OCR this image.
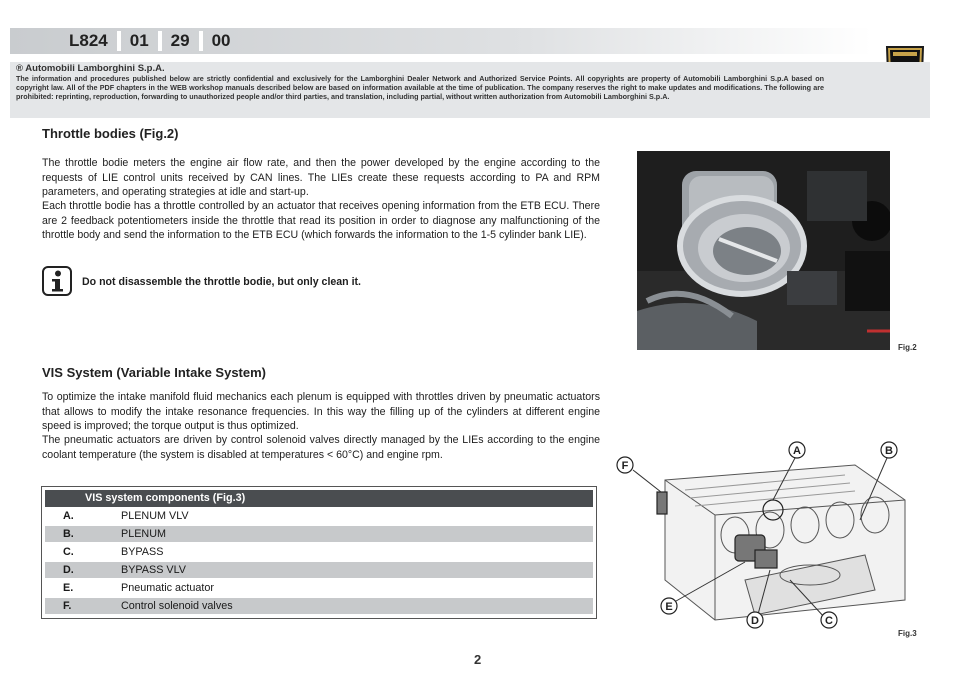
L824	01	29	00
® Automobili Lamborghini S.p.A.
The information and procedures published below are strictly confidential and exclusively for the Lamborghini Dealer Network and Authorized Service Points. All copyrights are property of Automobili Lamborghini S.p.A based on copyright law. All of the PDF chapters in the WEB workshop manuals described below are based on information available at the time of publication. The company reserves the right to make updates and modifications. The following are prohibited: reprinting, reproduction, forwarding to unauthorized people and/or third parties, and translation, including partial, without written authorization from Automobili Lamborghini S.p.A.
Throttle bodies (Fig.2)

The throttle bodie meters the engine air flow rate, and then the power developed by the engine according to the requests of LIE control units received by CAN lines. The LIEs create these requests according to PA and RPM parameters, and operating strategies at idle and start-up.

Each throttle bodie has a throttle controlled by an actuator that receives opening information from the ETB ECU. There are 2 feedback potentiometers inside the throttle that read its position in order to diagnose any malfunctioning of the throttle body and send the information to the ETB ECU (which forwards the information to the 1-5 cylinder bank LIE).

Do not disassemble the throttle bodie, but only clean it.
Fig.2
VIS System (Variable Intake System)

To optimize the intake manifold fluid mechanics each plenum is equipped with throttles driven by pneumatic actuators that allows to modify the intake resonance frequencies. In this way the filling up of the cylinders at different engine speed is improved; the torque output is thus optimized.

The pneumatic actuators are driven by control solenoid valves directly managed by the LIEs according to the engine coolant temperature (the system is disabled at temperatures < 60°C) and engine rpm.

VIS system components (Fig.3)
A.	PLENUM VLV
B.	PLENUM
C.	BYPASS
D.	BYPASS VLV
E.	Pneumatic actuator
F.	Control solenoid valves
F
A	B
E
D	C
Fig.3
2
